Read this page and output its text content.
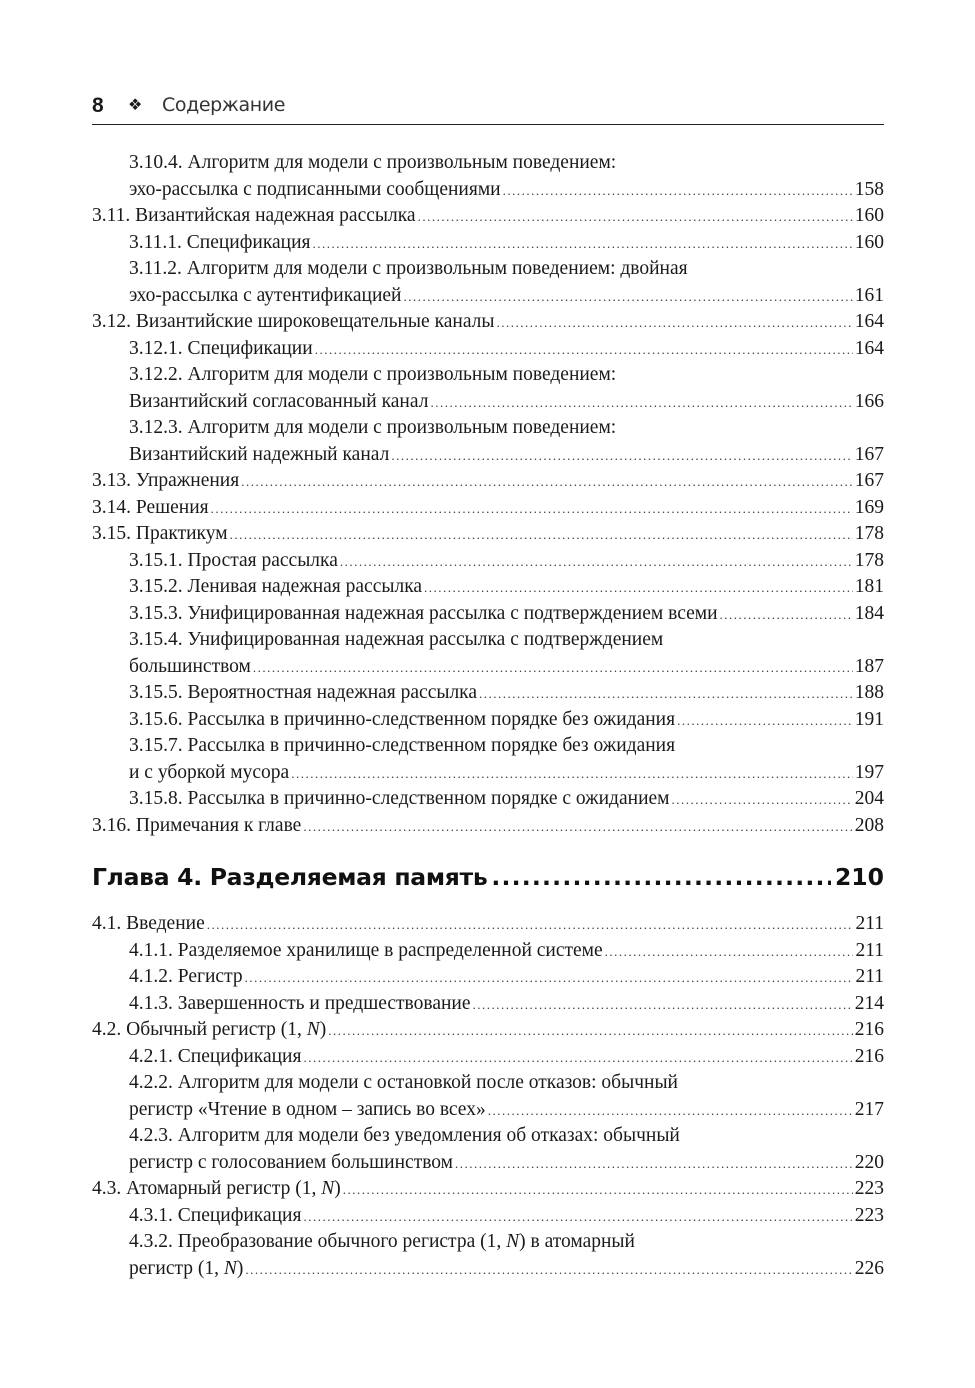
8 ❖ Содержание
3.10.4. Алгоритм для модели с произвольным поведением:
эхо-рассылка с подписанными сообщениями .....	158
3.11. Византийская надежная рассылка .....	160
3.11.1. Спецификация .....	160
3.11.2. Алгоритм для модели с произвольным поведением: двойная
эхо-рассылка с аутентификацией .....	161
3.12. Византийские широковещательные каналы .....	164
3.12.1. Спецификации .....	164
3.12.2. Алгоритм для модели с произвольным поведением:
Византийский согласованный канал .....	166
3.12.3. Алгоритм для модели с произвольным поведением:
Византийский надежный канал .....	167
3.13. Упражнения .....	167
3.14. Решения .....	169
3.15. Практикум .....	178
3.15.1. Простая рассылка .....	178
3.15.2. Ленивая надежная рассылка .....	181
3.15.3. Унифицированная надежная рассылка с подтверждением всеми .....	184
3.15.4. Унифицированная надежная рассылка с подтверждением
большинством .....	187
3.15.5. Вероятностная надежная рассылка .....	188
3.15.6. Рассылка в причинно-следственном порядке без ожидания .....	191
3.15.7. Рассылка в причинно-следственном порядке без ожидания
и с уборкой мусора .....	197
3.15.8. Рассылка в причинно-следственном порядке с ожиданием .....	204
3.16. Примечания к главе .....	208
Глава 4. Разделяемая память .....	210
4.1. Введение .....	211
4.1.1. Разделяемое хранилище в распределенной системе .....	211
4.1.2. Регистр .....	211
4.1.3. Завершенность и предшествование .....	214
4.2. Обычный регистр (1, N) .....	216
4.2.1. Спецификация .....	216
4.2.2. Алгоритм для модели с остановкой после отказов: обычный
регистр «Чтение в одном – запись во всех» .....	217
4.2.3. Алгоритм для модели без уведомления об отказах: обычный
регистр с голосованием большинством .....	220
4.3. Атомарный регистр (1, N) .....	223
4.3.1. Спецификация .....	223
4.3.2. Преобразование обычного регистра (1, N) в атомарный
регистр (1, N) .....	226
